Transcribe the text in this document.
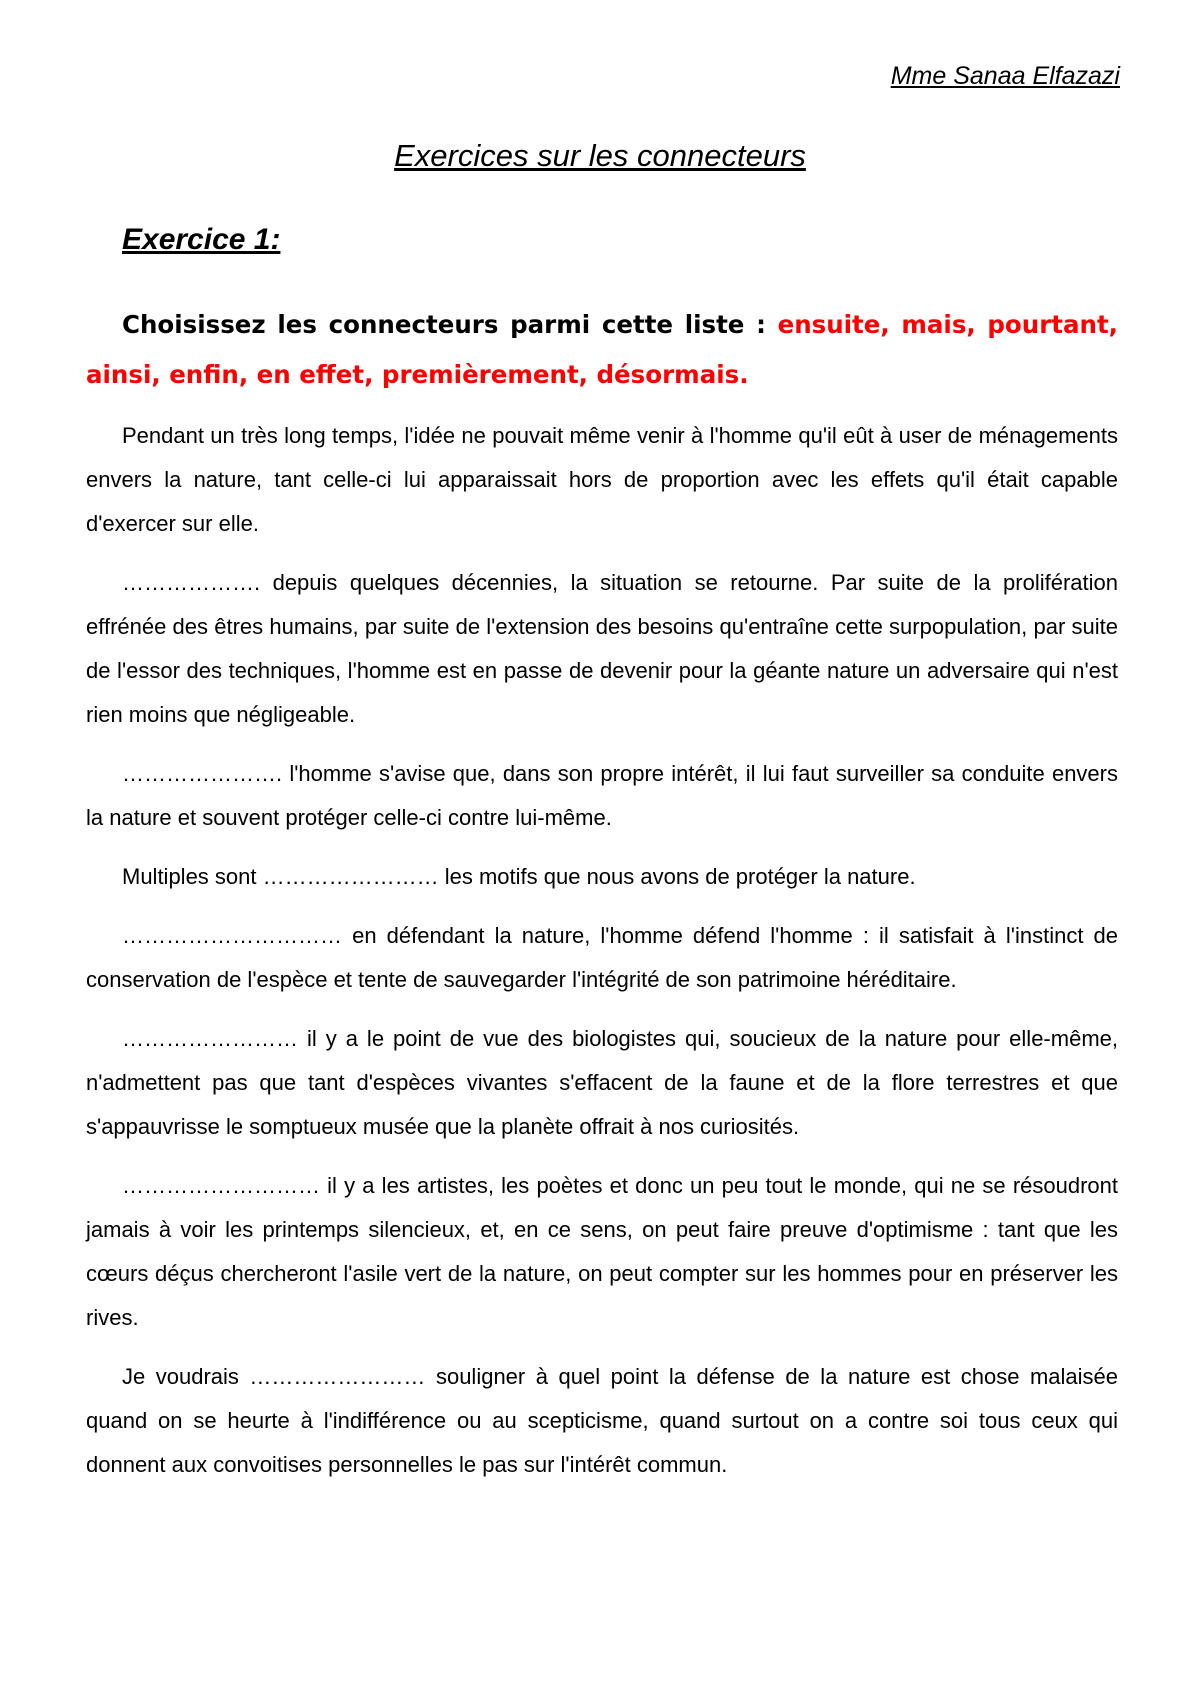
Mme Sanaa Elfazazi
Exercices sur les connecteurs
Exercice 1:

Choisissez les connecteurs parmi cette liste : ensuite, mais, pourtant, ainsi, enfin, en effet, premièrement, désormais.

Pendant un très long temps, l'idée ne pouvait même venir à l'homme qu'il eût à user de ménagements envers la nature, tant celle-ci lui apparaissait hors de proportion avec les effets qu'il était capable d'exercer sur elle.

………………. depuis quelques décennies, la situation se retourne. Par suite de la prolifération effrénée des êtres humains, par suite de l'extension des besoins qu'entraîne cette surpopulation, par suite de l'essor des techniques, l'homme est en passe de devenir pour la géante nature un adversaire qui n'est rien moins que négligeable.

…………………. l'homme s'avise que, dans son propre intérêt, il lui faut surveiller sa conduite envers la nature et souvent protéger celle-ci contre lui-même.

Multiples sont …………………… les motifs que nous avons de protéger la nature.

………………………… en défendant la nature, l'homme défend l'homme : il satisfait à l'instinct de conservation de l'espèce et tente de sauvegarder l'intégrité de son patrimoine héréditaire.

…………………… il y a le point de vue des biologistes qui, soucieux de la nature pour elle-même, n'admettent pas que tant d'espèces vivantes s'effacent de la faune et de la flore terrestres et que s'appauvrisse le somptueux musée que la planète offrait à nos curiosités.

……………………… il y a les artistes, les poètes et donc un peu tout le monde, qui ne se résoudront jamais à voir les printemps silencieux, et, en ce sens, on peut faire preuve d'optimisme : tant que les cœurs déçus chercheront l'asile vert de la nature, on peut compter sur les hommes pour en préserver les rives.

Je voudrais …………………… souligner à quel point la défense de la nature est chose malaisée quand on se heurte à l'indifférence ou au scepticisme, quand surtout on a contre soi tous ceux qui donnent aux convoitises personnelles le pas sur l'intérêt commun.
